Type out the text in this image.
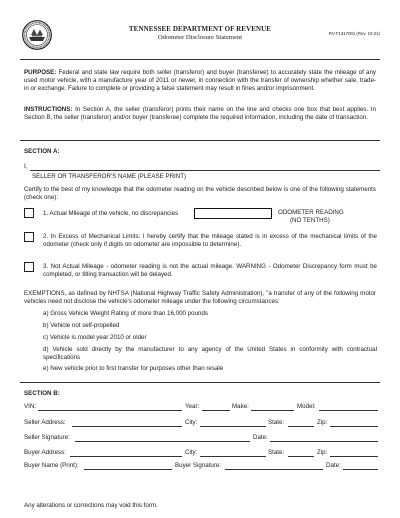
TENNESSEE DEPARTMENT OF REVENUE
Odometer Disclosure Statement
RV-F1317001 (Rev. 10-21)
PURPOSE: Federal and state law require both seller (transferor) and buyer (transferee) to accurately state the mileage of any used motor vehicle, with a manufacture year of 2011 or newer, in connection with the transfer of ownership whether sale, trade-in or exchange. Failure to complete or providing a false statement may result in fines and/or imprisonment.
INSTRUCTIONS: In Section A, the seller (transferor) prints their name on the line and checks one box that best applies. In Section B, the seller (transferor) and/or buyer (transferee) complete the required information, including the date of transaction.
SECTION A:
I,
SELLER OR TRANSFEROR'S NAME (PLEASE PRINT)
Certify to the best of my knowledge that the odometer reading on the vehicle described below is one of the following statements (check one):
1. Actual Mileage of the vehicle, no discrepancies	ODOMETER READING
(NO TENTHS)
2. In Excess of Mechanical Limits: I hereby certify that the mileage stated is in excess of the mechanical limits of the odometer (check only if digits on odometer are impossible to determine).
3. Not Actual Mileage - odometer reading is not the actual mileage. WARNING - Odometer Discrepancy form must be completed, or titling transaction will be delayed.
EXEMPTIONS, as defined by NHTSA (National Highway Traffic Safety Administration), "a transfer of any of the following motor vehicles need not disclose the vehicle's odometer mileage under the following circumstances:
a) Gross Vehicle Weight Rating of more than 16,000 pounds
b) Vehicle not self-propelled
c) Vehicle is model year 2010 or older
d) Vehicle sold directly by the manufacturer to any agency of the United States in conformity with contractual specifications
e) New vehicle prior to first transfer for purposes other than resale
SECTION B:
VIN:	Year:	Make:	Model:
Seller Address:	City:	State:	Zip:
Seller Signature:	Date:
Buyer Address:	City:	State:	Zip:
Buyer Name (Print):	Buyer Signature:	Date:
Any alterations or corrections may void this form.
